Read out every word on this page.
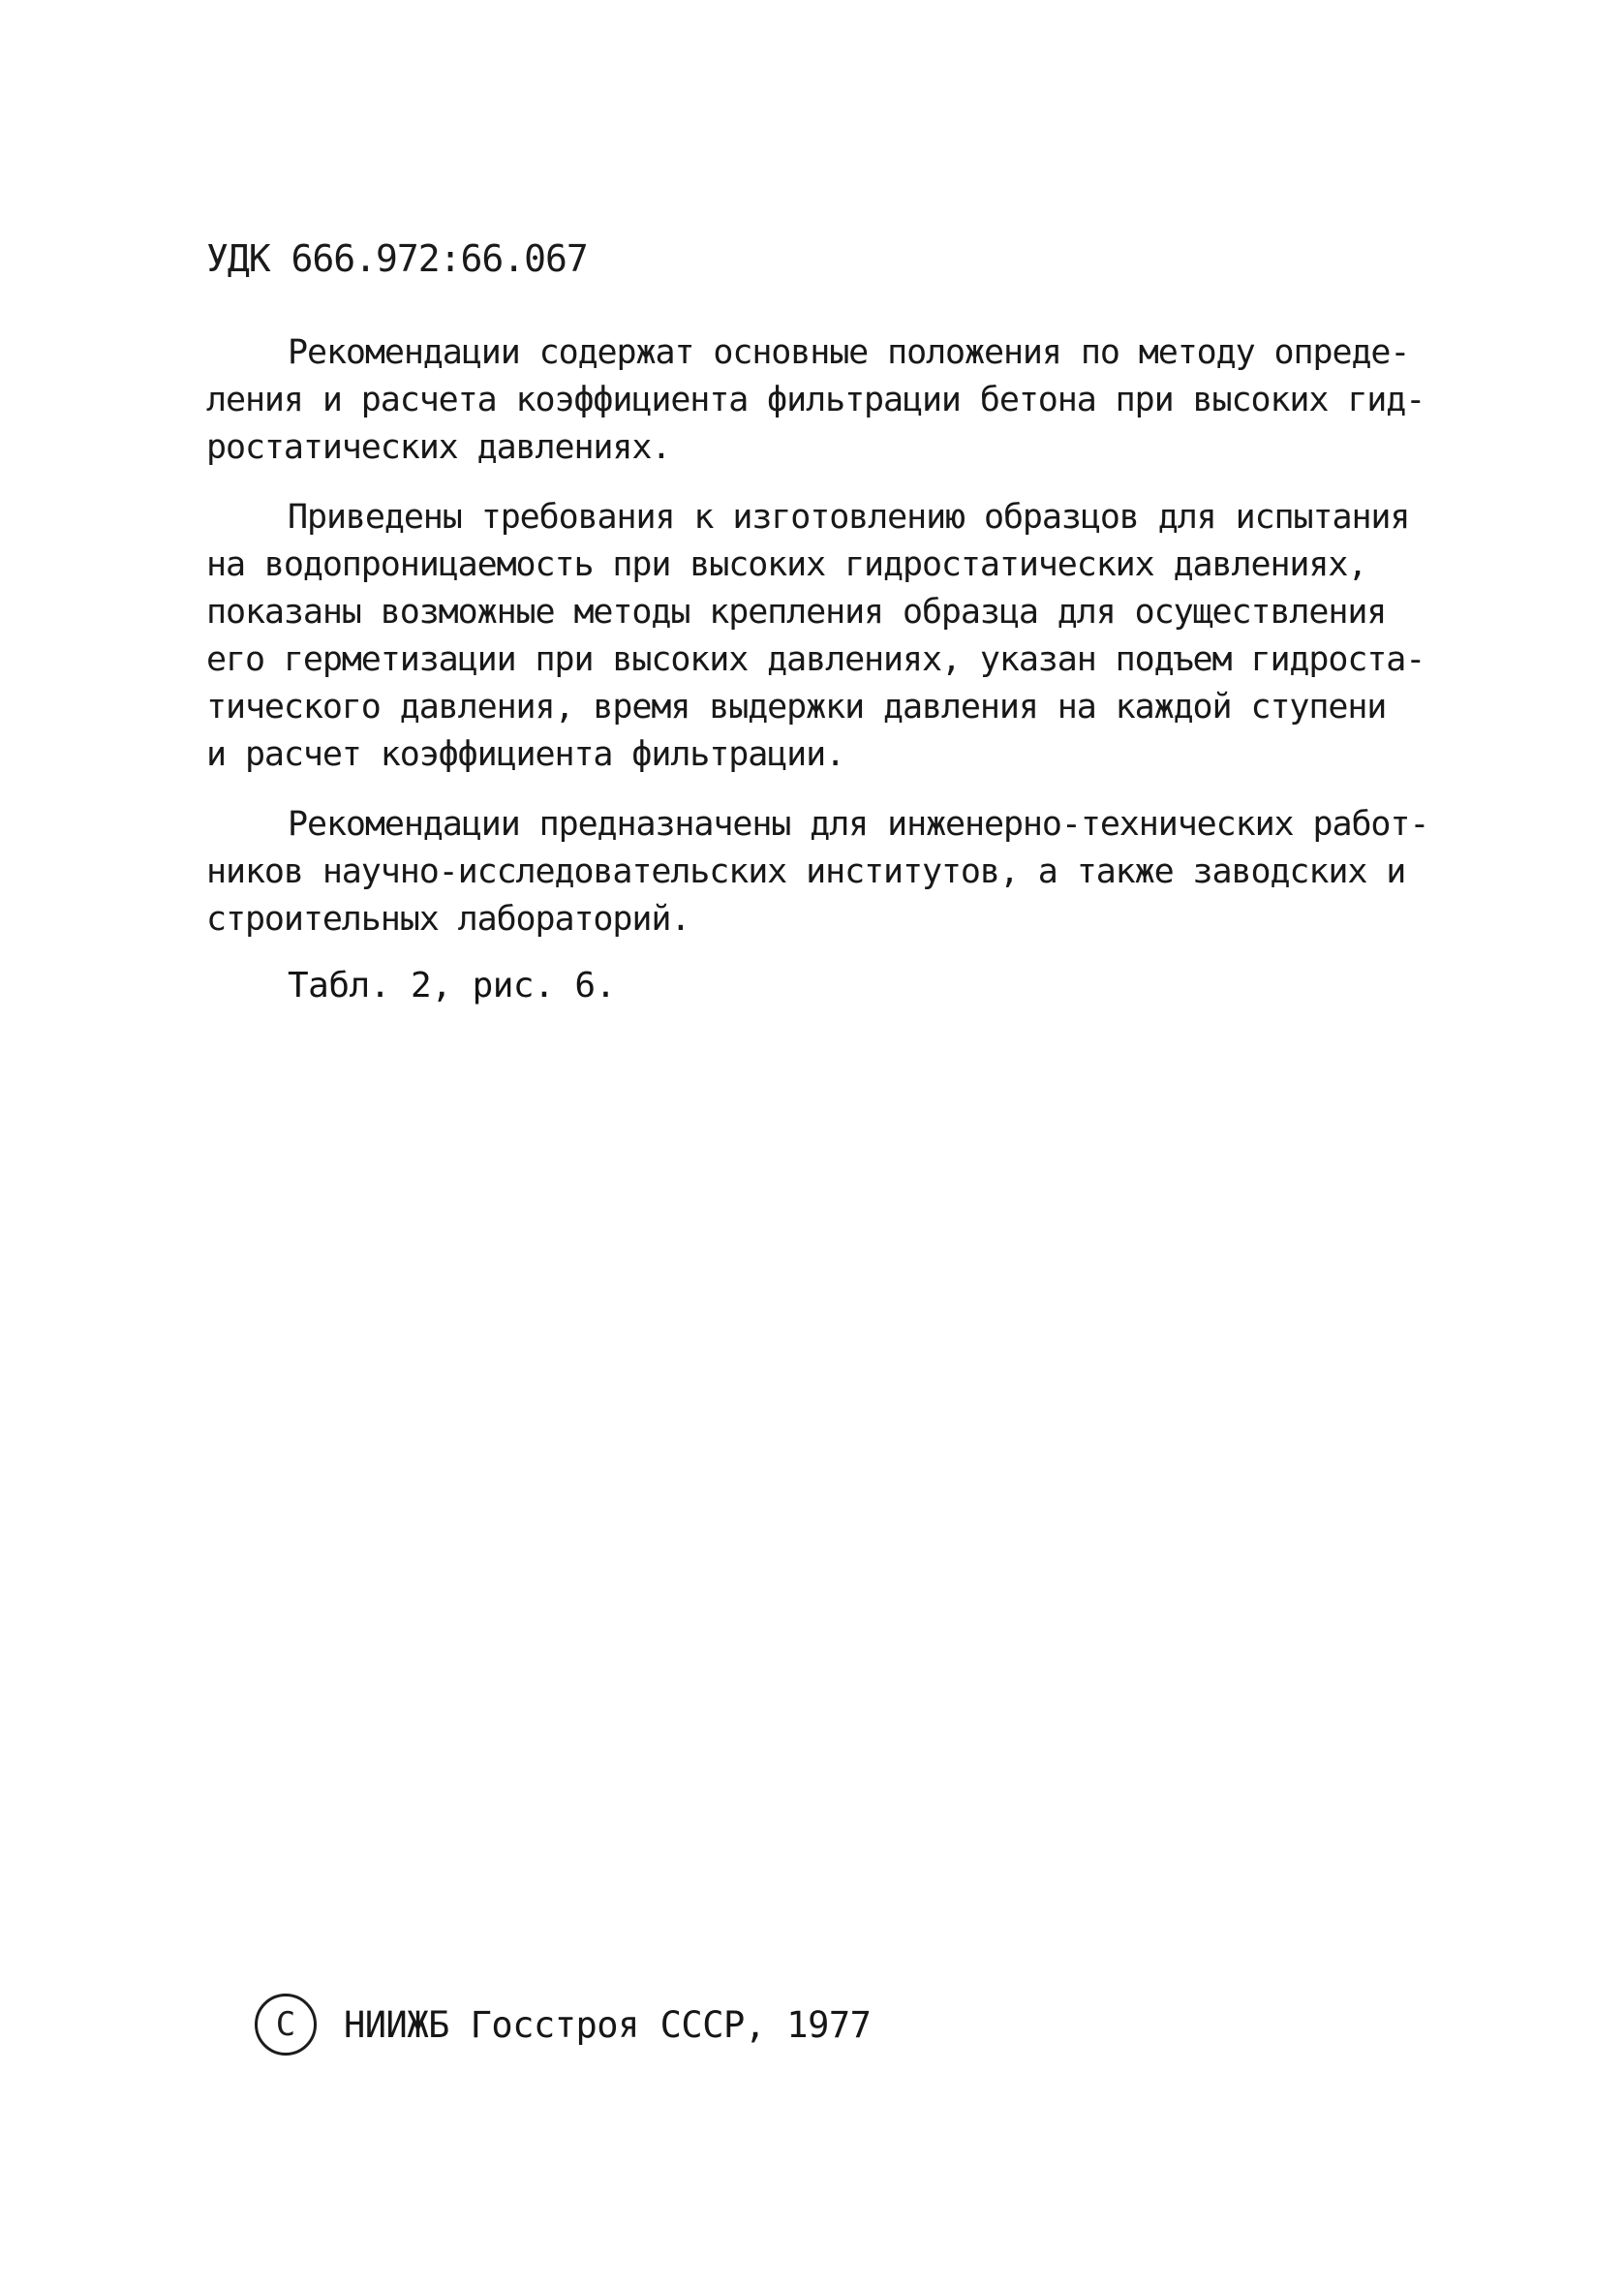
УДК 666.972:66.067

Рекомендации содержат основные положения по методу опреде-
ления и расчета коэффициента фильтрации бетона при высоких гид-
ростатических давлениях.

Приведены требования к изготовлению образцов для испытания
на водопроницаемость при высоких гидростатических давлениях,
показаны возможные методы крепления образца для осуществления
его герметизации при высоких давлениях, указан подъем гидроста-
тического давления, время выдержки давления на каждой ступени
и расчет коэффициента фильтрации.

Рекомендации предназначены для инженерно-технических работ-
ников научно-исследовательских институтов, а также заводских и
строительных лабораторий.

Табл. 2, рис. 6.
C	НИИЖБ Госстроя СССР, 1977
